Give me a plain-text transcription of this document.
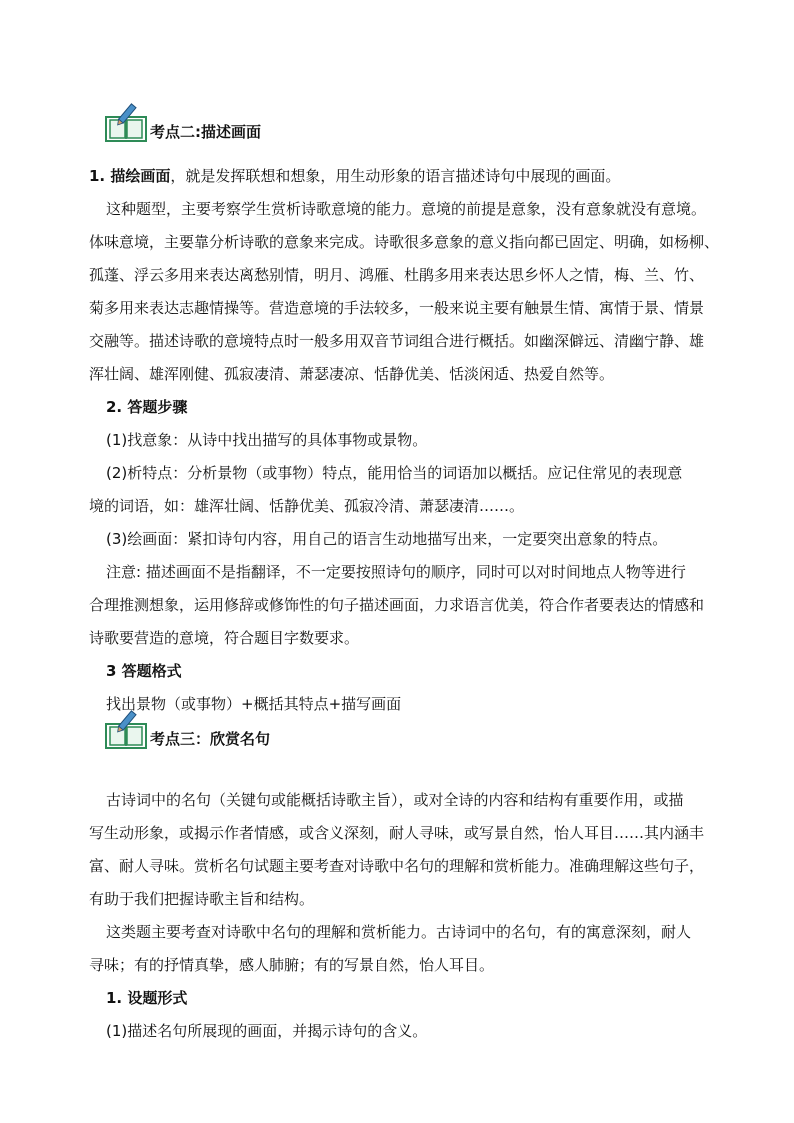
考点二:描述画面
1. 描绘画面，就是发挥联想和想象，用生动形象的语言描述诗句中展现的画面。
这种题型，主要考察学生赏析诗歌意境的能力。意境的前提是意象，没有意象就没有意境。
体味意境，主要靠分析诗歌的意象来完成。诗歌很多意象的意义指向都已固定、明确，如杨柳、
孤蓬、浮云多用来表达离愁别情，明月、鸿雁、杜鹃多用来表达思乡怀人之情，梅、兰、竹、
菊多用来表达志趣情操等。营造意境的手法较多，一般来说主要有触景生情、寓情于景、情景
交融等。描述诗歌的意境特点时一般多用双音节词组合进行概括。如幽深僻远、清幽宁静、雄
浑壮阔、雄浑刚健、孤寂凄清、萧瑟凄凉、恬静优美、恬淡闲适、热爱自然等。
2. 答题步骤
(1)找意象：从诗中找出描写的具体事物或景物。
(2)析特点：分析景物（或事物）特点，能用恰当的词语加以概括。应记住常见的表现意
境的词语，如：雄浑壮阔、恬静优美、孤寂冷清、萧瑟凄清……。
(3)绘画面：紧扣诗句内容，用自己的语言生动地描写出来，一定要突出意象的特点。
注意: 描述画面不是指翻译，不一定要按照诗句的顺序，同时可以对时间地点人物等进行
合理推测想象，运用修辞或修饰性的句子描述画面，力求语言优美，符合作者要表达的情感和
诗歌要营造的意境，符合题目字数要求。
3 答题格式
找出景物（或事物）+概括其特点+描写画面
考点三：欣赏名句
古诗词中的名句（关键句或能概括诗歌主旨），或对全诗的内容和结构有重要作用，或描
写生动形象，或揭示作者情感，或含义深刻，耐人寻味，或写景自然，怡人耳目……其内涵丰
富、耐人寻味。赏析名句试题主要考查对诗歌中名句的理解和赏析能力。准确理解这些句子，
有助于我们把握诗歌主旨和结构。
这类题主要考查对诗歌中名句的理解和赏析能力。古诗词中的名句，有的寓意深刻，耐人
寻味；有的抒情真挚，感人肺腑；有的写景自然，怡人耳目。
1. 设题形式
(1)描述名句所展现的画面，并揭示诗句的含义。
